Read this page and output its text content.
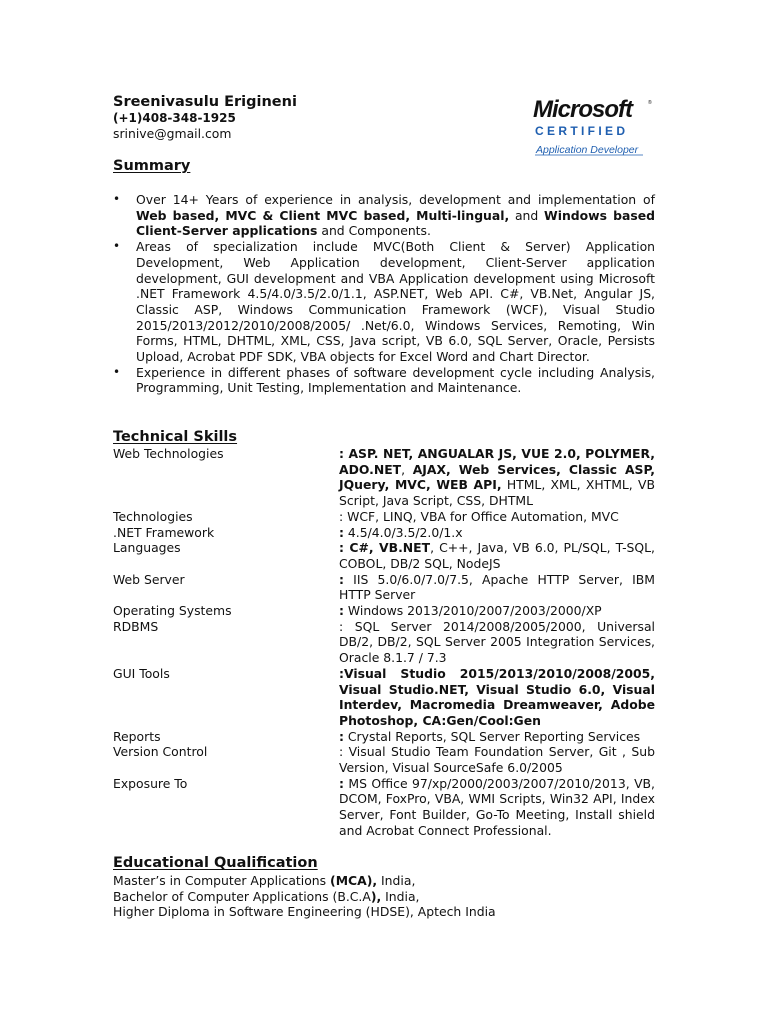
Sreenivasulu Erigineni
(+1)408-348-1925
srinive@gmail.com
Microsoft	®
C E R T I F I E D
Application Developer
Summary
• Over 14+ Years of experience in analysis, development and implementation of Web based, MVC & Client MVC based, Multi-lingual, and Windows based Client-Server applications and Components.
• Areas of specialization include MVC(Both Client & Server) Application Development, Web Application development, Client-Server application development, GUI development and VBA Application development using Microsoft .NET Framework 4.5/4.0/3.5/2.0/1.1, ASP.NET, Web API. C#, VB.Net, Angular JS, Classic ASP, Windows Communication Framework (WCF), Visual Studio 2015/2013/2012/2010/2008/2005/ .Net/6.0, Windows Services, Remoting, Win Forms, HTML, DHTML, XML, CSS, Java script, VB 6.0, SQL Server, Oracle, Persists Upload, Acrobat PDF SDK, VBA objects for Excel Word and Chart Director.
• Experience in different phases of software development cycle including Analysis, Programming, Unit Testing, Implementation and Maintenance.
Technical Skills
Web Technologies	: ASP. NET, ANGUALAR JS, VUE 2.0, POLYMER, ADO.NET, AJAX, Web Services, Classic ASP, JQuery, MVC, WEB API, HTML, XML, XHTML, VB Script, Java Script, CSS, DHTML
Technologies	: WCF, LINQ, VBA for Office Automation, MVC
.NET Framework	: 4.5/4.0/3.5/2.0/1.x
Languages	: C#, VB.NET, C++, Java, VB 6.0, PL/SQL, T-SQL, COBOL, DB/2 SQL, NodeJS
Web Server	: IIS 5.0/6.0/7.0/7.5, Apache HTTP Server, IBM HTTP Server
Operating Systems	: Windows 2013/2010/2007/2003/2000/XP
RDBMS	: SQL Server 2014/2008/2005/2000, Universal DB/2, DB/2, SQL Server 2005 Integration Services, Oracle 8.1.7 / 7.3
GUI Tools	:Visual Studio 2015/2013/2010/2008/2005, Visual Studio.NET, Visual Studio 6.0, Visual Interdev, Macromedia Dreamweaver, Adobe Photoshop, CA:Gen/Cool:Gen
Reports	: Crystal Reports, SQL Server Reporting Services
Version Control	: Visual Studio Team Foundation Server, Git , Sub Version, Visual SourceSafe 6.0/2005
Exposure To	: MS Office 97/xp/2000/2003/2007/2010/2013, VB, DCOM, FoxPro, VBA, WMI Scripts, Win32 API, Index Server, Font Builder, Go-To Meeting, Install shield and Acrobat Connect Professional.
Educational Qualification
Master’s in Computer Applications (MCA), India,
Bachelor of Computer Applications (B.C.A), India,
Higher Diploma in Software Engineering (HDSE), Aptech India
